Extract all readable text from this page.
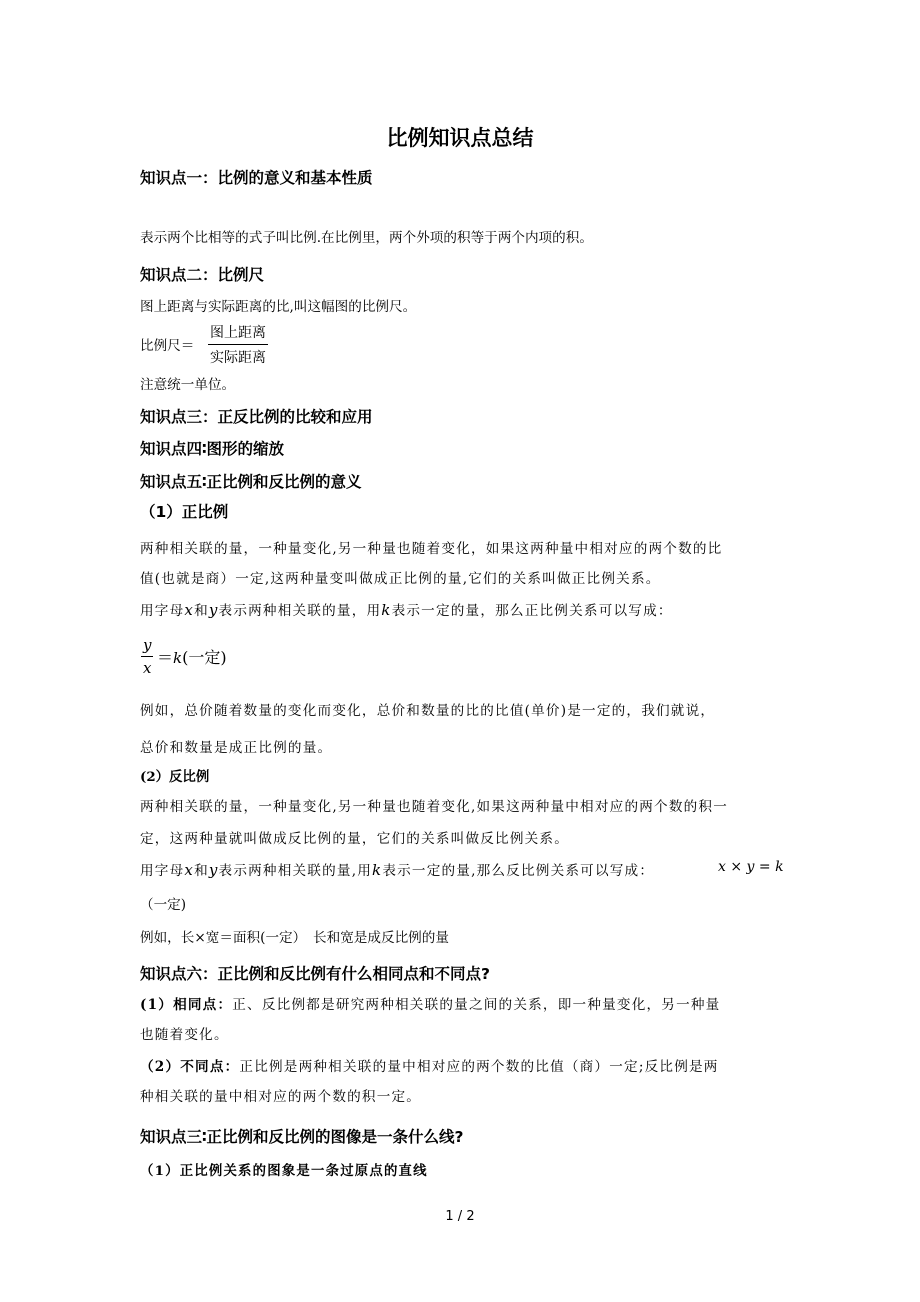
比例知识点总结
知识点一：比例的意义和基本性质
表示两个比相等的式子叫比例.在比例里，两个外项的积等于两个内项的积。
知识点二：比例尺
图上距离与实际距离的比,叫这幅图的比例尺。
比例尺＝
图上距离
实际距离
注意统一单位。
知识点三：正反比例的比较和应用
知识点四∶图形的缩放
知识点五∶正比例和反比例的意义
（1）正比例
两种相关联的量，一种量变化,另一种量也随着变化，如果这两种量中相对应的两个数的比
值(也就是商）一定,这两种量变叫做成正比例的量,它们的关系叫做正比例关系。
用字母x和y表示两种相关联的量，用k表示一定的量，那么正比例关系可以写成：
y
x
＝k(一定)
例如，总价随着数量的变化而变化，总价和数量的比的比值(单价)是一定的，我们就说，
总价和数量是成正比例的量。
(2）反比例
两种相关联的量，一种量变化,另一种量也随着变化,如果这两种量中相对应的两个数的积一
定，这两种量就叫做成反比例的量，它们的关系叫做反比例关系。
用字母x和y表示两种相关联的量,用k表示一定的量,那么反比例关系可以写成：	x × y = k
（一定)
例如，长×宽＝面积(一定）　长和宽是成反比例的量
知识点六：正比例和反比例有什么相同点和不同点?
(1）相同点：正、反比例都是研究两种相关联的量之间的关系，即一种量变化，另一种量
也随着变化。
（2）不同点：正比例是两种相关联的量中相对应的两个数的比值（商）一定;反比例是两
种相关联的量中相对应的两个数的积一定。
知识点三∶正比例和反比例的图像是一条什么线?
（1）正比例关系的图象是一条过原点的直线
1 / 2
